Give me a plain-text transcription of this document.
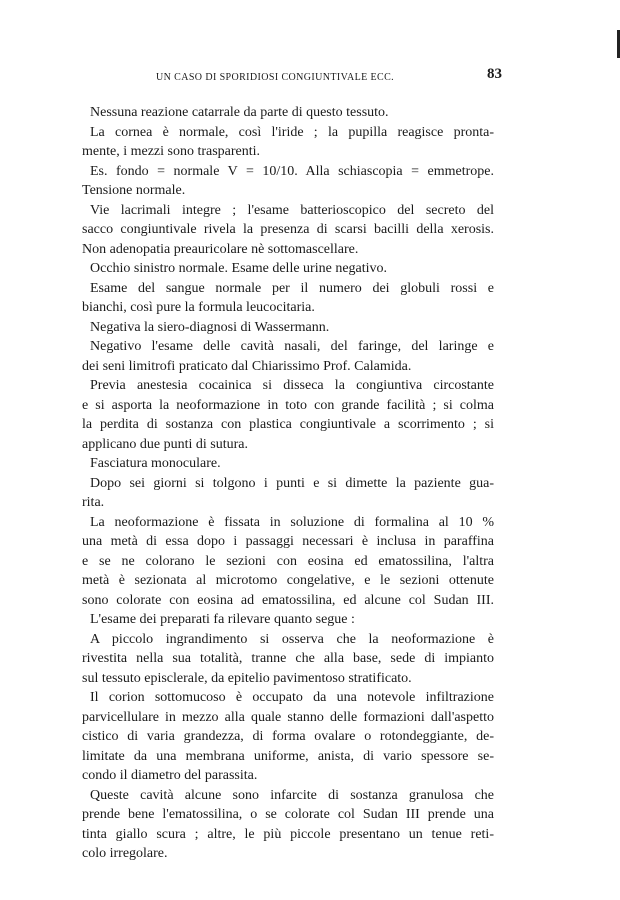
UN CASO DI SPORIDIOSI CONGIUNTIVALE ECC.	83
Nessuna reazione catarrale da parte di questo tessuto.
La cornea è normale, così l'iride ; la pupilla reagisce pronta-
mente, i mezzi sono trasparenti.
Es. fondo = normale V = 10/10. Alla schiascopia = emmetrope.
Tensione normale.
Vie lacrimali integre ; l'esame batterioscopico del secreto del
sacco congiuntivale rivela la presenza di scarsi bacilli della xerosis.
Non adenopatia preauricolare nè sottomascellare.
Occhio sinistro normale. Esame delle urine negativo.
Esame del sangue normale per il numero dei globuli rossi e
bianchi, così pure la formula leucocitaria.
Negativa la siero-diagnosi di Wassermann.
Negativo l'esame delle cavità nasali, del faringe, del laringe e
dei seni limitrofi praticato dal Chiarissimo Prof. Calamida.
Previa anestesia cocainica si disseca la congiuntiva circostante
e si asporta la neoformazione in toto con grande facilità ; si colma
la perdita di sostanza con plastica congiuntivale a scorrimento ; si
applicano due punti di sutura.
Fasciatura monoculare.
Dopo sei giorni si tolgono i punti e si dimette la paziente gua-
rita.
La neoformazione è fissata in soluzione di formalina al 10 %
una metà di essa dopo i passaggi necessari è inclusa in paraffina
e se ne colorano le sezioni con eosina ed ematossilina, l'altra
metà è sezionata al microtomo congelative, e le sezioni ottenute
sono colorate con eosina ad ematossilina, ed alcune col Sudan III.
L'esame dei preparati fa rilevare quanto segue :
A piccolo ingrandimento si osserva che la neoformazione è
rivestita nella sua totalità, tranne che alla base, sede di impianto
sul tessuto episclerale, da epitelio pavimentoso stratificato.
Il corion sottomucoso è occupato da una notevole infiltrazione
parvicellulare in mezzo alla quale stanno delle formazioni dall'aspetto
cistico di varia grandezza, di forma ovalare o rotondeggiante, de-
limitate da una membrana uniforme, anista, di vario spessore se-
condo il diametro del parassita.
Queste cavità alcune sono infarcite di sostanza granulosa che
prende bene l'ematossilina, o se colorate col Sudan III prende una
tinta giallo scura ; altre, le più piccole presentano un tenue reti-
colo irregolare.
